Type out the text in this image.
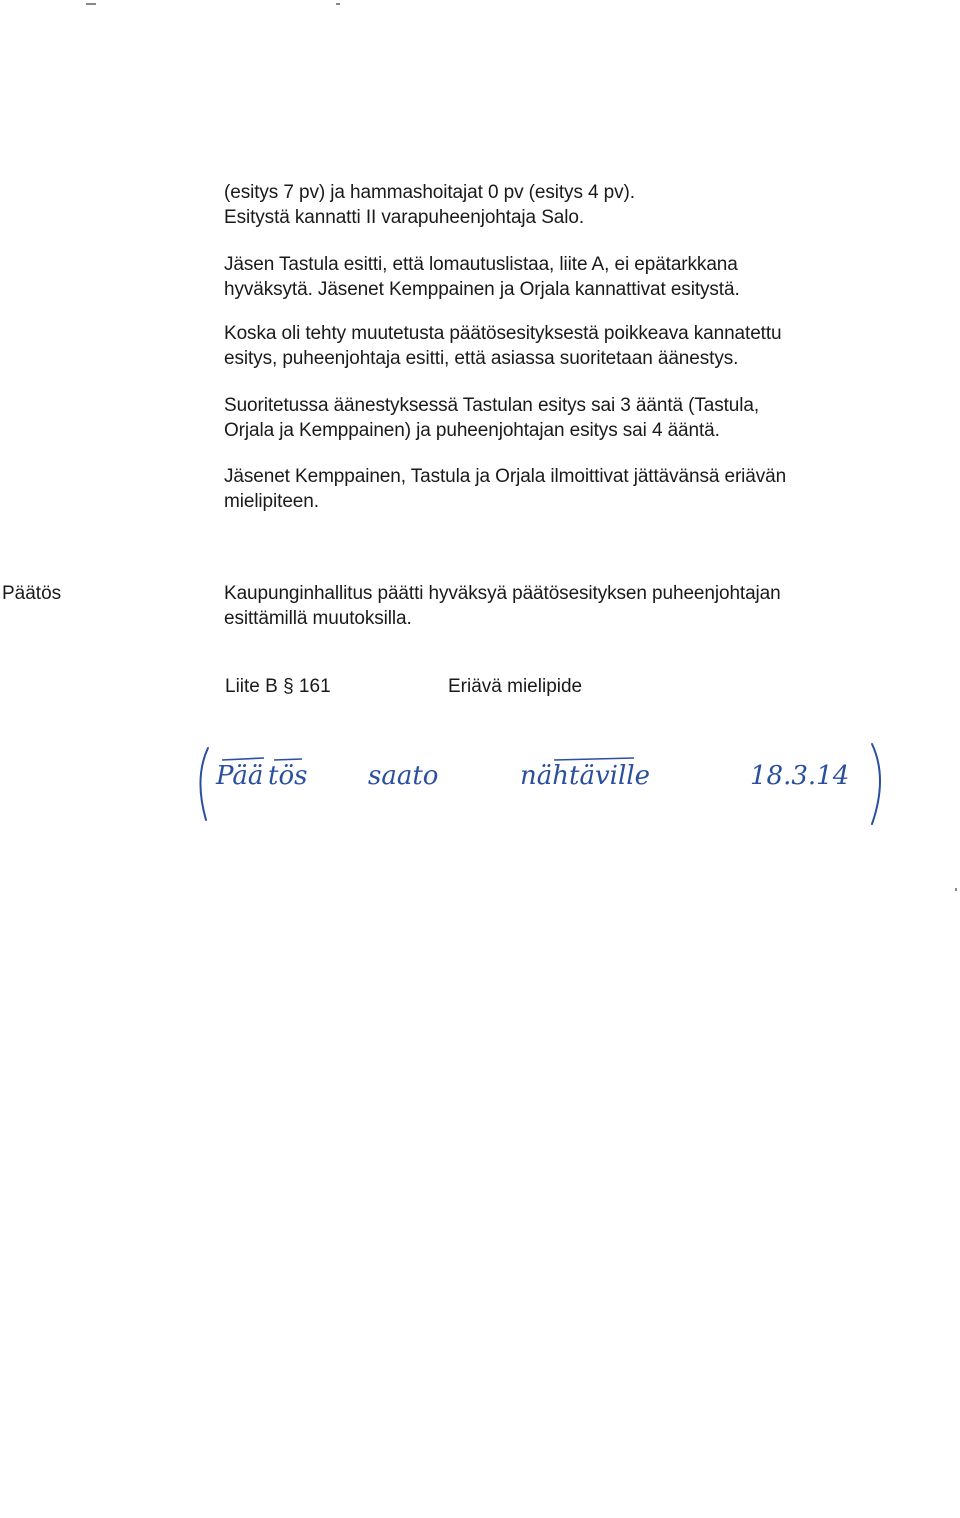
(esitys 7 pv) ja hammashoitajat 0 pv (esitys 4 pv).
Esitystä kannatti II varapuheenjohtaja Salo.
Jäsen Tastula esitti, että lomautuslistaa, liite A, ei epätarkkana
hyväksytä. Jäsenet Kemppainen ja Orjala kannattivat esitystä.
Koska oli tehty muutetusta päätösesityksestä poikkeava kannatettu
esitys, puheenjohtaja esitti, että asiassa suoritetaan äänestys.
Suoritetussa äänestyksessä Tastulan esitys sai 3 ääntä (Tastula,
Orjala ja Kemppainen) ja puheenjohtajan esitys sai 4 ääntä.
Jäsenet Kemppainen, Tastula ja Orjala ilmoittivat jättävänsä eriävän
mielipiteen.
Päätös	Kaupunginhallitus päätti hyväksyä päätösesityksen puheenjohtajan
esittämillä muutoksilla.
Liite B § 161	Eriävä mielipide
Pää tös saato	nähtäville	18.3.14
